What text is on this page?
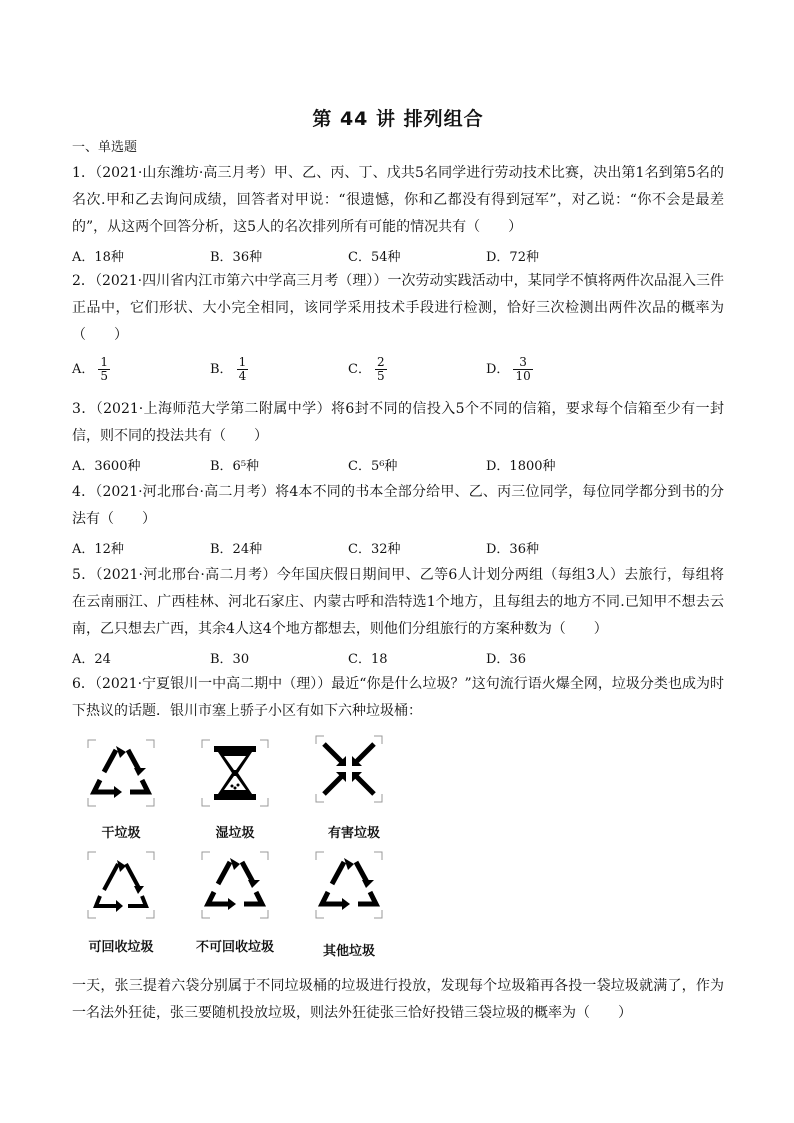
第 44 讲 排列组合
一、单选题
1．（2021·山东潍坊·高三月考）甲、乙、丙、丁、戊共5名同学进行劳动技术比赛，决出第1名到第5名的名次.甲和乙去询问成绩，回答者对甲说：“很遗憾，你和乙都没有得到冠军”，对乙说：“你不会是最差的”，从这两个回答分析，这5人的名次排列所有可能的情况共有（　　）
A．18种	B．36种	C．54种	D．72种
2．（2021·四川省内江市第六中学高三月考（理））一次劳动实践活动中，某同学不慎将两件次品混入三件正品中，它们形状、大小完全相同，该同学采用技术手段进行检测，恰好三次检测出两件次品的概率为（　　）
A． $\frac{1}{5}$	B． $\frac{1}{4}$	C． $\frac{2}{5}$	D． $\frac{3}{10}$
3．（2021·上海师范大学第二附属中学）将6封不同的信投入5个不同的信箱，要求每个信箱至少有一封信，则不同的投法共有（　　）
A．3600种	B．6⁵种	C．5⁶种	D．1800种
4．（2021·河北邢台·高二月考）将4本不同的书本全部分给甲、乙、丙三位同学，每位同学都分到书的分法有（　　）
A．12种	B．24种	C．32种	D．36种
5．（2021·河北邢台·高二月考）今年国庆假日期间甲、乙等6人计划分两组（每组3人）去旅行，每组将在云南丽江、广西桂林、河北石家庄、内蒙古呼和浩特选1个地方，且每组去的地方不同.已知甲不想去云南，乙只想去广西，其余4人这4个地方都想去，则他们分组旅行的方案种数为（　　）
A．24	B．30	C．18	D．36
6．（2021·宁夏银川一中高二期中（理））最近“你是什么垃圾？”这句流行语火爆全网，垃圾分类也成为时下热议的话题．银川市塞上骄子小区有如下六种垃圾桶：
干垃圾	湿垃圾	有害垃圾
可回收垃圾	不可回收垃圾	其他垃圾
一天，张三提着六袋分别属于不同垃圾桶的垃圾进行投放，发现每个垃圾箱再各投一袋垃圾就满了，作为一名法外狂徒，张三要随机投放垃圾，则法外狂徒张三恰好投错三袋垃圾的概率为（　　）
